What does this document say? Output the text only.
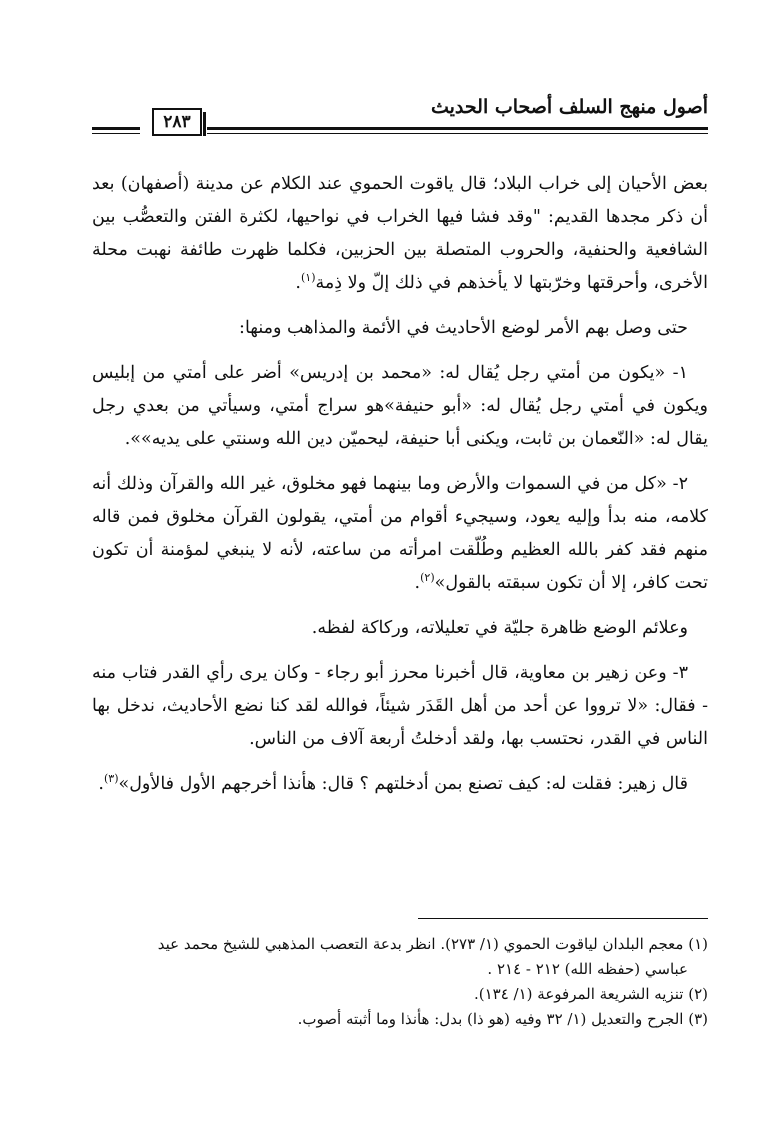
أصول منهج السلف أصحاب الحديث
٢٨٣

بعض الأحيان إلى خراب البلاد؛ قال ياقوت الحموي عند الكلام عن مدينة (أصفهان) بعد أن ذكر مجدها القديم: "وقد فشا فيها الخراب في نواحيها، لكثرة الفتن والتعصُّب بين الشافعية والحنفية، والحروب المتصلة بين الحزبين، فكلما ظهرت طائفة نهبت محلة الأخرى، وأحرقتها وخرّبتها لا يأخذهم في ذلك إلّ ولا ذِمة$^{(١)}$.

حتى وصل بهم الأمر لوضع الأحاديث في الأئمة والمذاهب ومنها:

١- «يكون من أمتي رجل يُقال له: «محمد بن إدريس» أضر على أمتي من إبليس ويكون في أمتي رجل يُقال له: «أبو حنيفة»هو سراج أمتي، وسيأتي من بعدي رجل يقال له: «النّعمان بن ثابت، ويكنى أبا حنيفة، ليحميّن دين الله وسنتي على يديه»».

٢- «كل من في السموات والأرض وما بينهما فهو مخلوق، غير الله والقرآن وذلك أنه كلامه، منه بدأ وإليه يعود، وسيجيء أقوام من أمتي، يقولون القرآن مخلوق فمن قاله منهم فقد كفر بالله العظيم وطُلّقت امرأته من ساعته، لأنه لا ينبغي لمؤمنة أن تكون تحت كافر، إلا أن تكون سبقته بالقول»$^{(٢)}$.

وعلائم الوضع ظاهرة جليّة في تعليلاته، وركاكة لفظه.

٣- وعن زهير بن معاوية، قال أخبرنا محرز أبو رجاء - وكان يرى رأي القدر فتاب منه - فقال: «لا ترووا عن أحد من أهل القَدَر شيئاً، فوالله لقد كنا نضع الأحاديث، ندخل بها الناس في القدر، نحتسب بها، ولقد أدخلتُ أربعة آلاف من الناس.

قال زهير: فقلت له: كيف تصنع بمن أدخلتهم ؟ قال: هأنذا أخرجهم الأول فالأول»$^{(٣)}$.

(١) معجم البلدان لياقوت الحموي (١/ ٢٧٣). انظر بدعة التعصب المذهبي للشيخ محمد عيد

عباسي (حفظه الله) ٢١٢ - ٢١٤ .

(٢) تنزيه الشريعة المرفوعة (١/ ١٣٤).

(٣) الجرح والتعديل (١/ ٣٢ وفيه (هو ذا) بدل: هأنذا وما أثبته أصوب.
